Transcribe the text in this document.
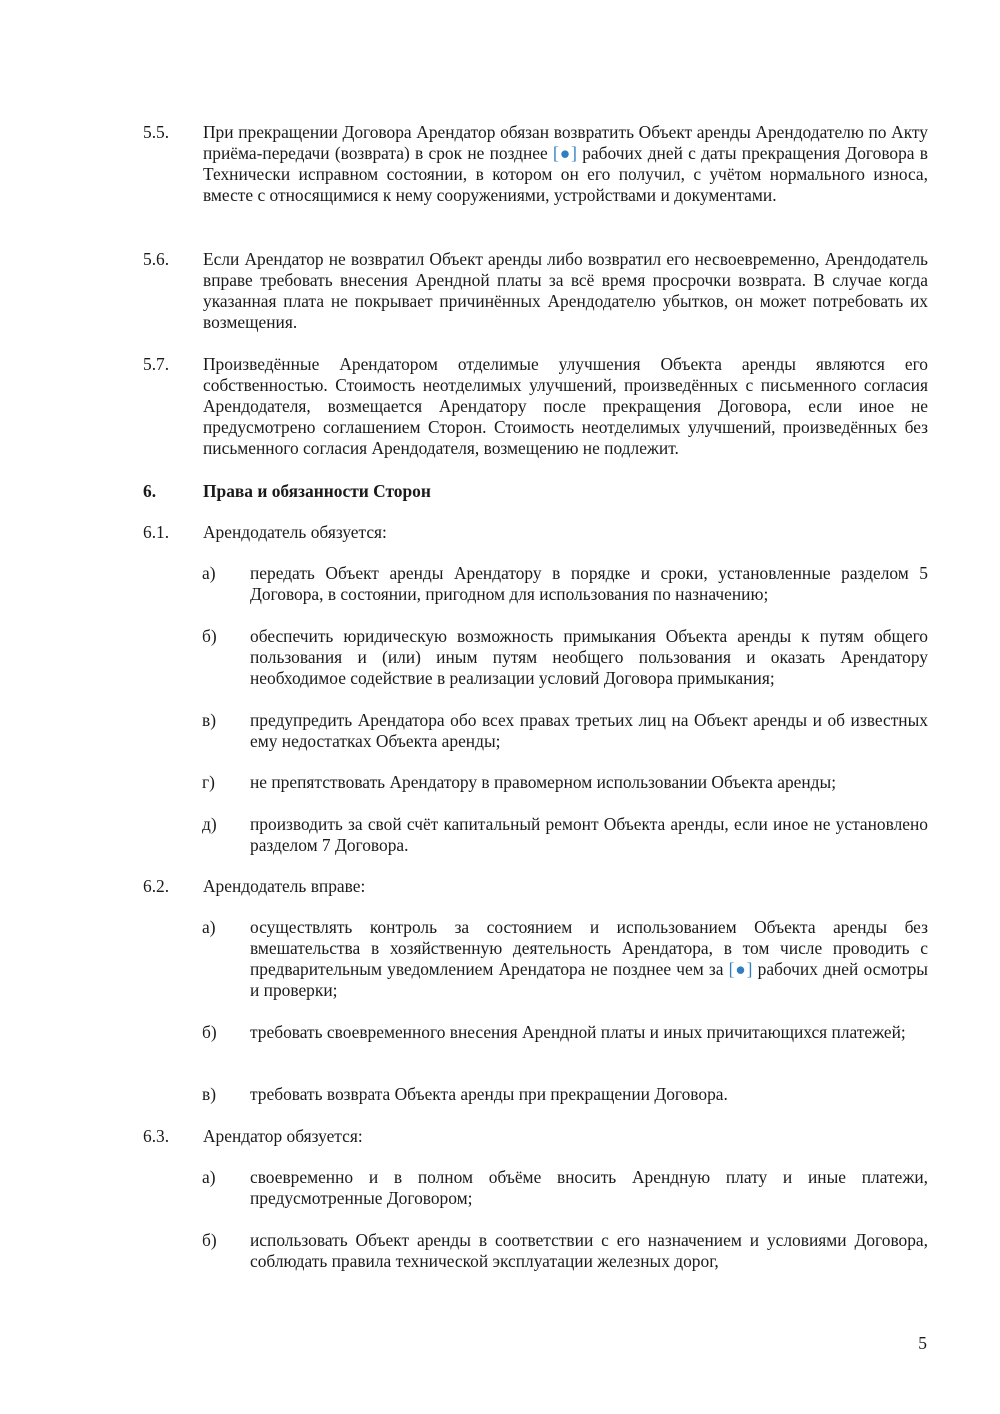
5.5. При прекращении Договора Арендатор обязан возвратить Объект аренды Арендодателю по Акту приёма-передачи (возврата) в срок не позднее [●] рабочих дней с даты прекращения Договора в Технически исправном состоянии, в котором он его получил, с учётом нормального износа, вместе с относящимися к нему сооружениями, устройствами и документами.
5.6. Если Арендатор не возвратил Объект аренды либо возвратил его несвоевременно, Арендодатель вправе требовать внесения Арендной платы за всё время просрочки возврата. В случае когда указанная плата не покрывает причинённых Арендодателю убытков, он может потребовать их возмещения.
5.7. Произведённые Арендатором отделимые улучшения Объекта аренды являются его собственностью. Стоимость неотделимых улучшений, произведённых с письменного согласия Арендодателя, возмещается Арендатору после прекращения Договора, если иное не предусмотрено соглашением Сторон. Стоимость неотделимых улучшений, произведённых без письменного согласия Арендодателя, возмещению не подлежит.
6.	Права и обязанности Сторон
6.1. Арендодатель обязуется:
а) передать Объект аренды Арендатору в порядке и сроки, установленные разделом 5 Договора, в состоянии, пригодном для использования по назначению;
б) обеспечить юридическую возможность примыкания Объекта аренды к путям общего пользования и (или) иным путям необщего пользования и оказать Арендатору необходимое содействие в реализации условий Договора примыкания;
в) предупредить Арендатора обо всех правах третьих лиц на Объект аренды и об известных ему недостатках Объекта аренды;
г) не препятствовать Арендатору в правомерном использовании Объекта аренды;
д) производить за свой счёт капитальный ремонт Объекта аренды, если иное не установлено разделом 7 Договора.
6.2. Арендодатель вправе:
а) осуществлять контроль за состоянием и использованием Объекта аренды без вмешательства в хозяйственную деятельность Арендатора, в том числе проводить с предварительным уведомлением Арендатора не позднее чем за [●] рабочих дней осмотры и проверки;
б) требовать своевременного внесения Арендной платы и иных причитающихся платежей;
в) требовать возврата Объекта аренды при прекращении Договора.
6.3. Арендатор обязуется:
а) своевременно и в полном объёме вносить Арендную плату и иные платежи, предусмотренные Договором;
б) использовать Объект аренды в соответствии с его назначением и условиями Договора, соблюдать правила технической эксплуатации железных дорог,
5
